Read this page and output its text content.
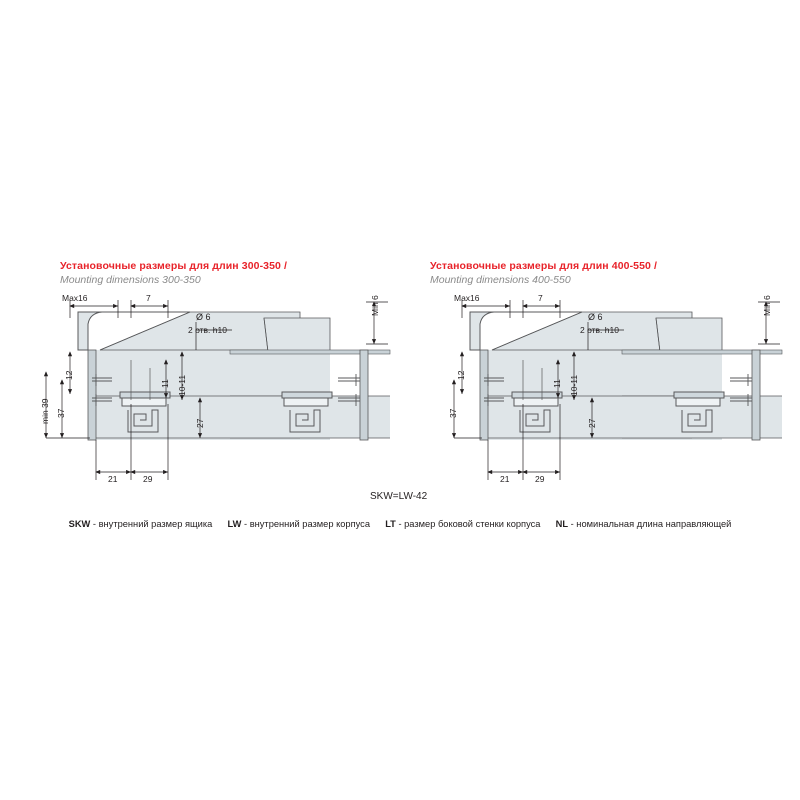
Установочные размеры для длин 300-350 /
Mounting dimensions 300-350
Установочные размеры для длин 400-550 /
Mounting dimensions 400-550
Max16	7
Ø 6
2 отв. h10
Min 6
12
11 10-11
min 39 37
27
21	29
Max16	7
Ø 6
2 отв. h10
Min 6
12
11 10-11
37
27
21	29
SKW=LW-42
SKW - внутренний размер ящика LW - внутренний размер корпуса LT - размер боковой стенки корпуса NL - номинальная длина направляющей
